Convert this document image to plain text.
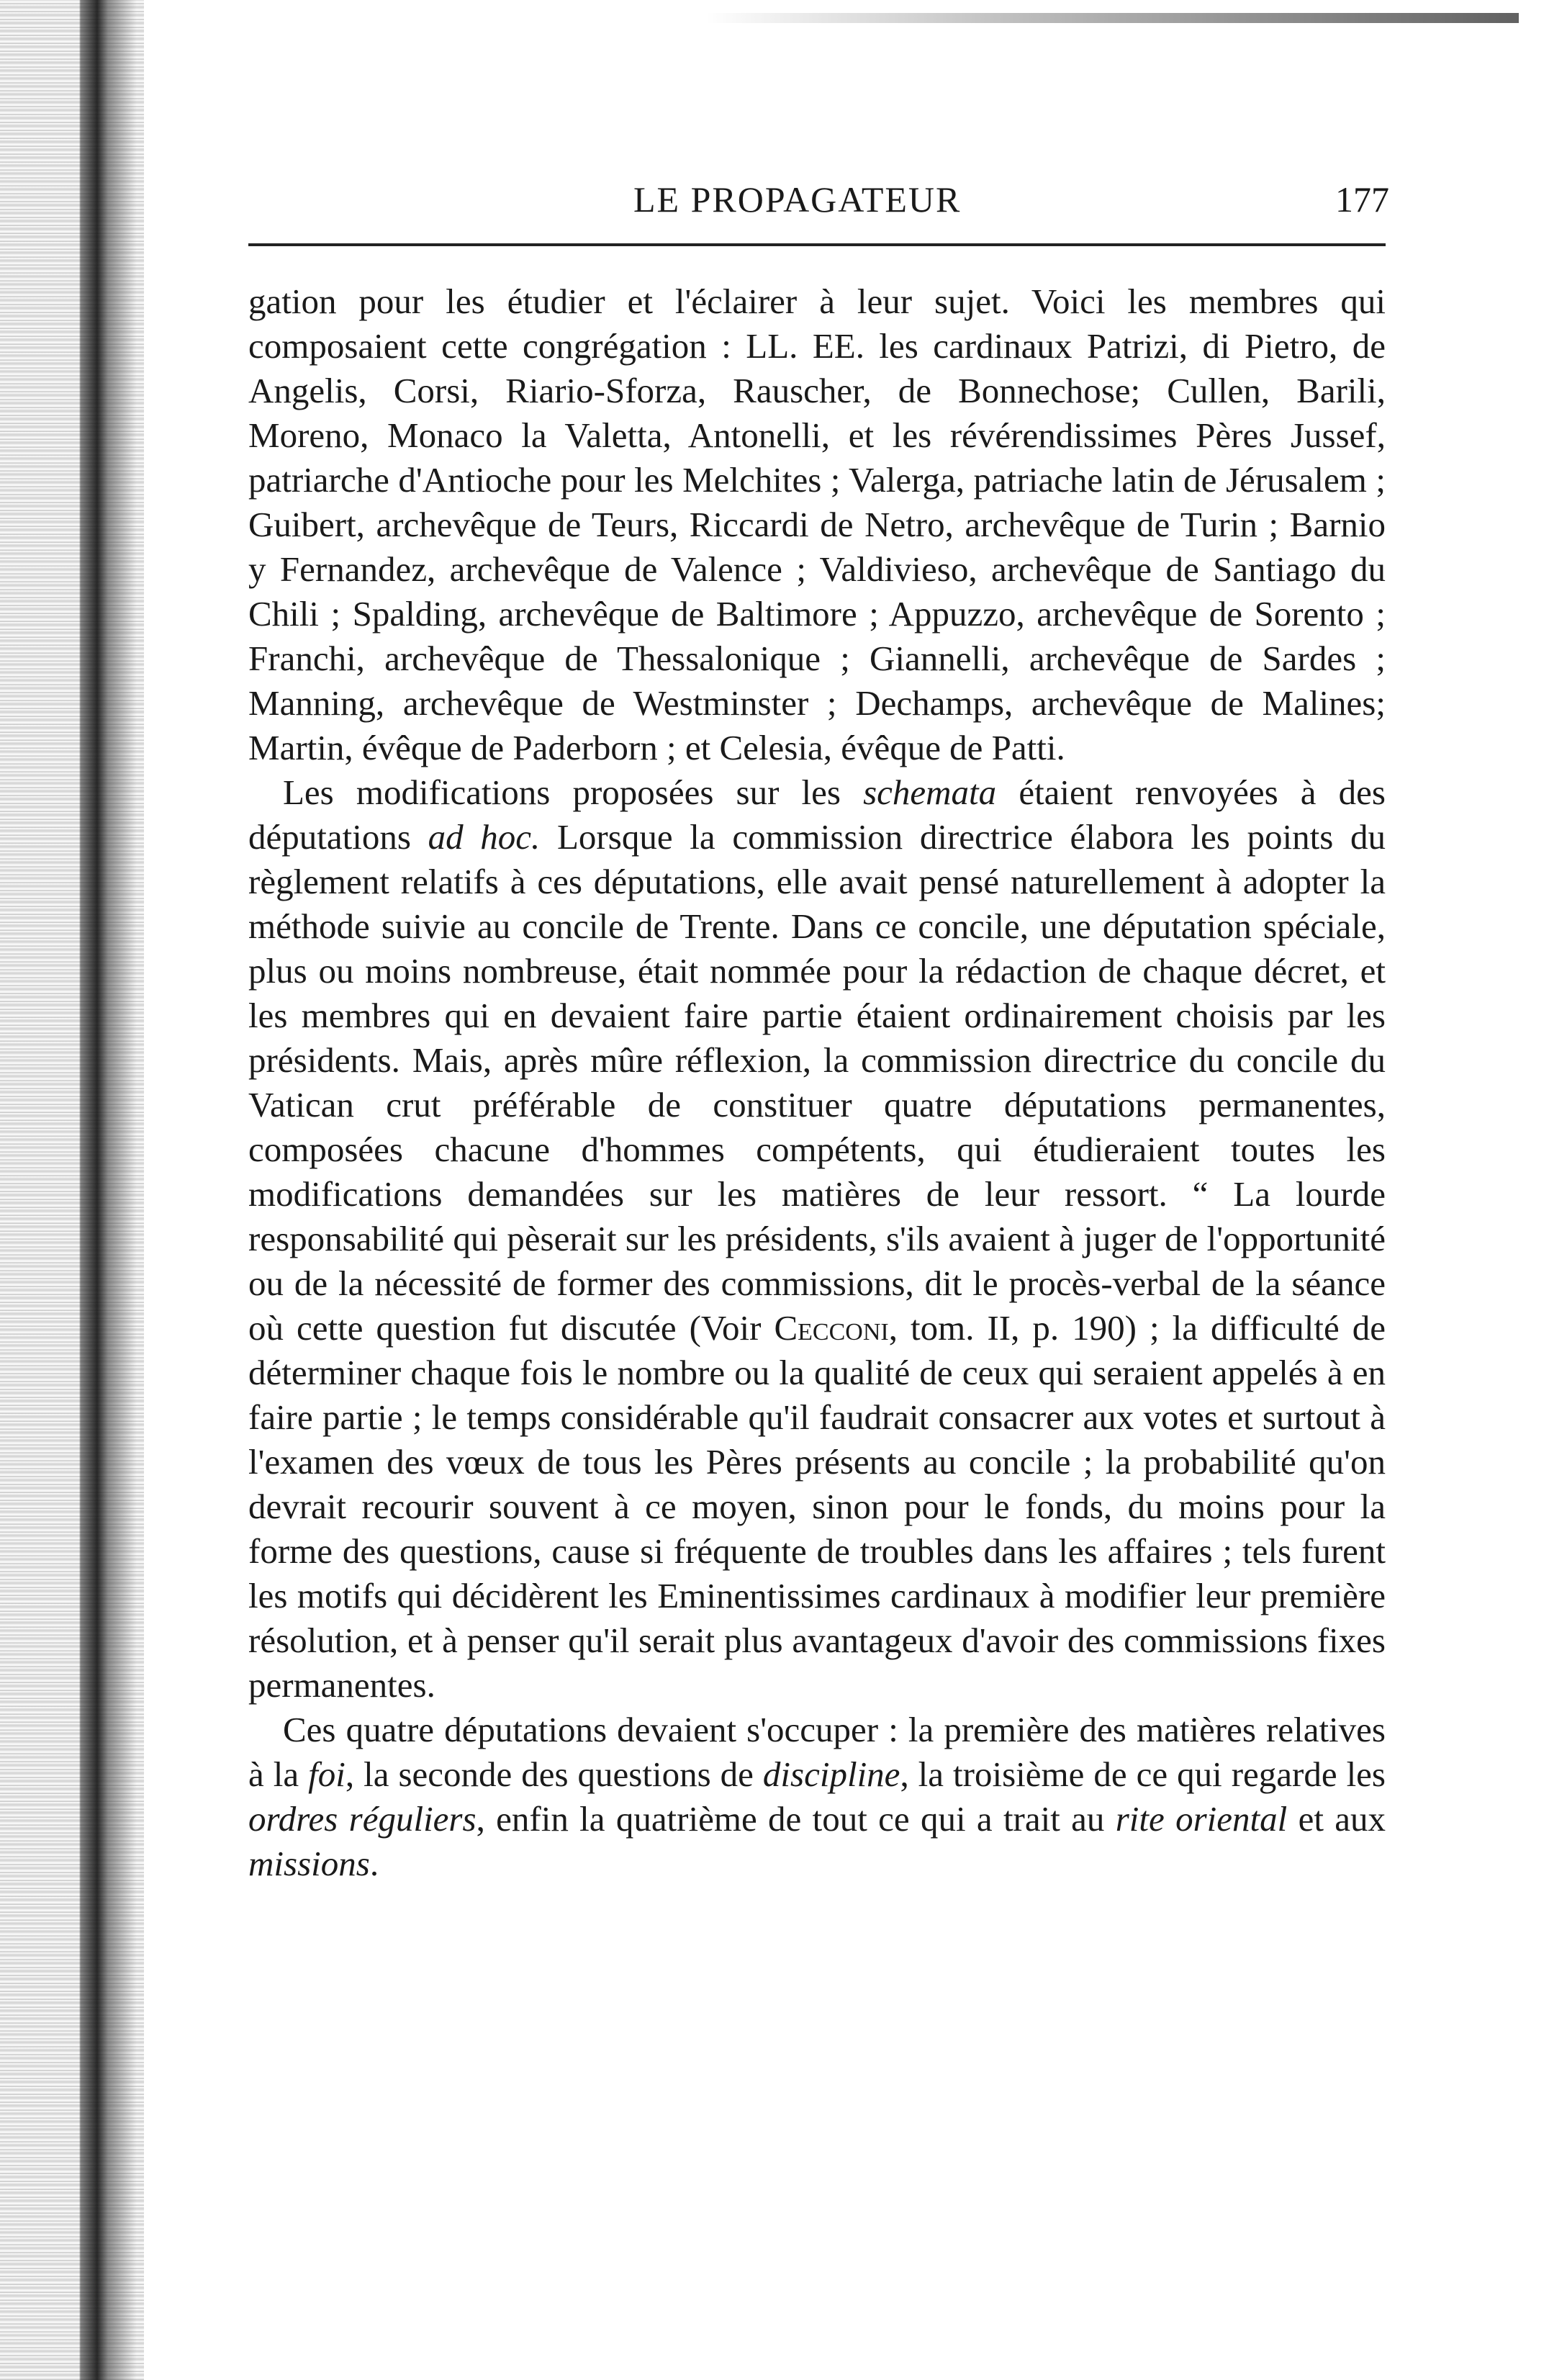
LE PROPAGATEUR	177

gation pour les étudier et l'éclairer à leur sujet. Voici les membres qui composaient cette congrégation : LL. EE. les cardinaux Patrizi, di Pietro, de Angelis, Corsi, Riario-Sforza, Rauscher, de Bonnechose; Cullen, Barili, Moreno, Monaco la Valetta, Antonelli, et les révérendissimes Pères Jussef, patriarche d'Antioche pour les Melchites ; Valerga, patriache latin de Jérusalem ; Guibert, archevêque de Teurs, Riccardi de Netro, archevêque de Turin ; Barnio y Fernandez, archevêque de Valence ; Valdivieso, archevêque de Santiago du Chili ; Spalding, archevêque de Baltimore ; Appuzzo, archevêque de Sorento ; Franchi, archevêque de Thessalonique ; Giannelli, archevêque de Sardes ; Manning, archevêque de Westminster ; Dechamps, archevêque de Malines; Martin, évêque de Paderborn ; et Celesia, évêque de Patti.

Les modifications proposées sur les schemata étaient renvoyées à des députations ad hoc. Lorsque la commission directrice élabora les points du règlement relatifs à ces députations, elle avait pensé naturellement à adopter la méthode suivie au concile de Trente. Dans ce concile, une députation spéciale, plus ou moins nombreuse, était nommée pour la rédaction de chaque décret, et les membres qui en devaient faire partie étaient ordinairement choisis par les présidents. Mais, après mûre réflexion, la commission directrice du concile du Vatican crut préférable de constituer quatre députations permanentes, composées chacune d'hommes compétents, qui étudieraient toutes les modifications demandées sur les matières de leur ressort. “ La lourde responsabilité qui pèserait sur les présidents, s'ils avaient à juger de l'opportunité ou de la nécessité de former des commissions, dit le procès-verbal de la séance où cette question fut discutée (Voir Cecconi, tom. II, p. 190) ; la difficulté de déterminer chaque fois le nombre ou la qualité de ceux qui seraient appelés à en faire partie ; le temps considérable qu'il faudrait consacrer aux votes et surtout à l'examen des vœux de tous les Pères présents au concile ; la probabilité qu'on devrait recourir souvent à ce moyen, sinon pour le fonds, du moins pour la forme des questions, cause si fréquente de troubles dans les affaires ; tels furent les motifs qui décidèrent les Eminentissimes cardinaux à modifier leur première résolution, et à penser qu'il serait plus avantageux d'avoir des commissions fixes permanentes.

Ces quatre députations devaient s'occuper : la première des matières relatives à la foi, la seconde des questions de discipline, la troisième de ce qui regarde les ordres réguliers, enfin la quatrième de tout ce qui a trait au rite oriental et aux missions.
